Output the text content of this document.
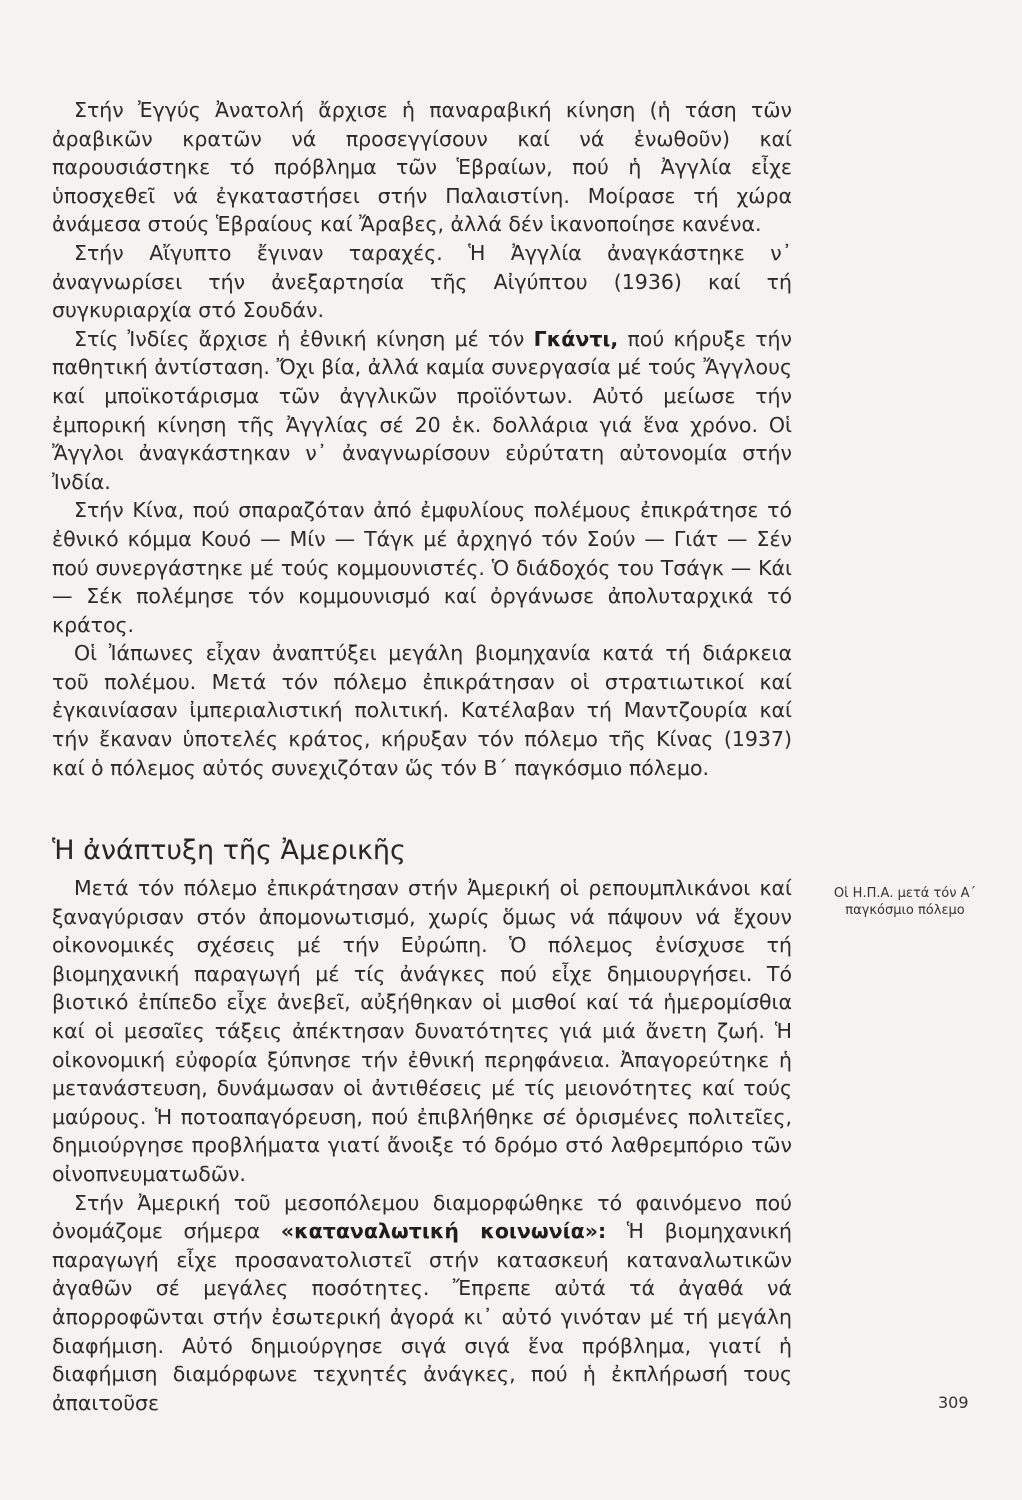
Στήν Ἐγγύς Ἀνατολή ἄρχισε ἡ παναραβική κίνηση (ἡ τάση τῶν ἀραβικῶν κρατῶν νά προσεγγίσουν καί νά ἑνωθοῦν) καί παρουσιάστηκε τό πρόβλημα τῶν Ἑβραίων, πού ἡ Ἀγγλία εἶχε ὑποσχεθεῖ νά ἐγκαταστήσει στήν Παλαιστίνη. Μοίρασε τή χώρα ἀνάμεσα στούς Ἑβραίους καί Ἄραβες, ἀλλά δέν ἱκανοποίησε κανένα.

Στήν Αἴγυπτο ἔγιναν ταραχές. Ἡ Ἀγγλία ἀναγκάστηκε ν᾽ ἀναγνωρίσει τήν ἀνεξαρτησία τῆς Αἰγύπτου (1936) καί τή συγκυριαρχία στό Σουδάν.

Στίς Ἰνδίες ἄρχισε ἡ ἐθνική κίνηση μέ τόν Γκάντι, πού κήρυξε τήν παθητική ἀντίσταση. Ὄχι βία, ἀλλά καμία συνεργασία μέ τούς Ἄγγλους καί μποϊκοτάρισμα τῶν ἀγγλικῶν προϊόντων. Αὐτό μείωσε τήν ἐμπορική κίνηση τῆς Ἀγγλίας σέ 20 ἑκ. δολλάρια γιά ἕνα χρόνο. Οἱ Ἄγγλοι ἀναγκάστηκαν ν᾽ ἀναγνωρίσουν εὐρύτατη αὐτονομία στήν Ἰνδία.

Στήν Κίνα, πού σπαραζόταν ἀπό ἐμφυλίους πολέμους ἐπικράτησε τό ἐθνικό κόμμα Κουό — Μίν — Τάγκ μέ ἀρχηγό τόν Σούν — Γιάτ — Σέν πού συνεργάστηκε μέ τούς κομμουνιστές. Ὁ διάδοχός του Τσάγκ — Κάι — Σέκ πολέμησε τόν κομμουνισμό καί ὀργάνωσε ἀπολυταρχικά τό κράτος.

Οἱ Ἰάπωνες εἶχαν ἀναπτύξει μεγάλη βιομηχανία κατά τή διάρκεια τοῦ πολέμου. Μετά τόν πόλεμο ἐπικράτησαν οἱ στρατιωτικοί καί ἐγκαινίασαν ἰμπεριαλιστική πολιτική. Κατέλαβαν τή Μαντζουρία καί τήν ἔκαναν ὑποτελές κράτος, κήρυξαν τόν πόλεμο τῆς Κίνας (1937) καί ὁ πόλεμος αὐτός συνεχιζόταν ὥς τόν Β΄ παγκόσμιο πόλεμο.

Ἡ ἀνάπτυξη τῆς Ἀμερικῆς

Μετά τόν πόλεμο ἐπικράτησαν στήν Ἀμερική οἱ ρεπουμπλικάνοι καί ξαναγύρισαν στόν ἀπομονωτισμό, χωρίς ὅμως νά πάψουν νά ἔχουν οἰκονομικές σχέσεις μέ τήν Εὐρώπη. Ὁ πόλεμος ἐνίσχυσε τή βιομηχανική παραγωγή μέ τίς ἀνάγκες πού εἶχε δημιουργήσει. Τό βιοτικό ἐπίπεδο εἶχε ἀνεβεῖ, αὐξήθηκαν οἱ μισθοί καί τά ἡμερομίσθια καί οἱ μεσαῖες τάξεις ἀπέκτησαν δυνατότητες γιά μιά ἄνετη ζωή. Ἡ οἰκονομική εὐφορία ξύπνησε τήν ἐθνική περηφάνεια. Ἀπαγορεύτηκε ἡ μετανάστευση, δυνάμωσαν οἱ ἀντιθέσεις μέ τίς μειονότητες καί τούς μαύρους. Ἡ ποτοαπαγόρευση, πού ἐπιβλήθηκε σέ ὁρισμένες πολιτεῖες, δημιούργησε προβλήματα γιατί ἄνοιξε τό δρόμο στό λαθρεμπόριο τῶν οἰνοπνευματωδῶν.

Στήν Ἀμερική τοῦ μεσοπόλεμου διαμορφώθηκε τό φαινόμενο πού ὀνομάζομε σήμερα «καταναλωτική κοινωνία»: Ἡ βιομηχανική παραγωγή εἶχε προσανατολιστεῖ στήν κατασκευή καταναλωτικῶν ἀγαθῶν σέ μεγάλες ποσότητες. Ἔπρεπε αὐτά τά ἀγαθά νά ἀπορροφῶνται στήν ἐσωτερική ἀγορά κι᾽ αὐτό γινόταν μέ τή μεγάλη διαφήμιση. Αὐτό δημιούργησε σιγά σιγά ἕνα πρόβλημα, γιατί ἡ διαφήμιση διαμόρφωνε τεχνητές ἀνάγκες, πού ἡ ἐκπλήρωσή τους ἀπαιτοῦσε

Οἱ Η.Π.Α. μετά τόν Α΄ παγκόσμιο πόλεμο
309
